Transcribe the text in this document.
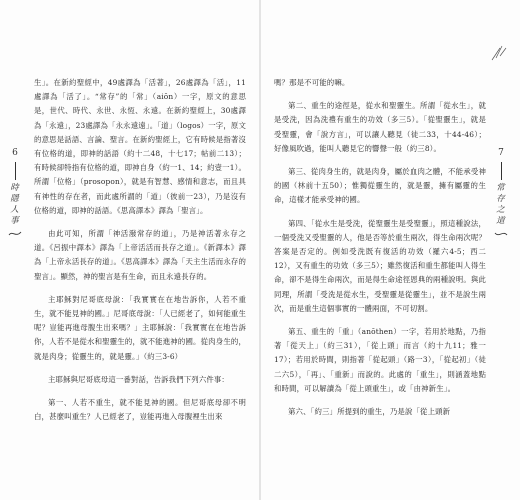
6
時隱人事

生」。在新約聖經中，49處譯為「活著」，26處譯為「活」，11處譯為「活了」。“常存”的「常」（aiōn）一字，原文的意思是，世代、時代、永世、永恆、永遠。在新約聖經上，30處譯為「永遠」，23處譯為「永永遠遠」。「道」（logos）一字，原文的意思是話語、言論、聖言。在新約聖經上，它有時候是指著沒有位格的道，即神的話語（約十二48，十七17；帖前二13）；有時候卻特指有位格的道，即神自身（約一1、14；約壹一1）。所謂「位格」（prosopon），就是有智慧、感情和意志，而且具有神性的存在者，而此處所謂的「道」（彼前一23），乃是沒有位格的道，即神的話語。《思高譯本》譯為「聖言」。

由此可知，所謂「神活潑常存的道」，乃是神活著永存之道。《呂振中譯本》譯為「上帝活活而長存之道」。《新譯本》譯為「上帝永活長存的道」。《思高譯本》譯為「天主生活而永存的聖言」。顯然，神的聖言是有生命，而且永遠長存的。

主耶穌對尼哥底母說：「我實實在在地告訴你，人若不重生，就不能見神的國。」尼哥底母說：「人已經老了，如何能重生呢？豈能再進母腹生出來嗎？」主耶穌說：「我實實在在地告訴你，人若不是從水和聖靈生的，就不能進神的國。從肉身生的，就是肉身；從靈生的，就是靈。」（約三3-6）

主耶穌與尼哥底母這一番對話，告訴我們下列六件事：

第一、人若不重生，就不能見神的國。但尼哥底母卻不明白，甚麼叫重生？人已經老了，豈能再進入母腹裡生出來

7
常存之道

嗎？那是不可能的嘛。

第二、重生的途徑是，從水和聖靈生。所謂「從水生」，就是受洗，因為洗禮有重生的功效（多三5）。「從聖靈生」，就是受聖靈，會「說方言」，可以讓人聽見（徒二33，十44-46）；好像風吹過，能叫人聽見它的響聲一般（約三8）。

第三、從肉身生的，就是肉身，屬於血肉之體，不能承受神的國（林前十五50）；惟獨從靈生的，就是靈，擁有屬靈的生命，這樣才能承受神的國。

第四、「從水生是受洗，從聖靈生是受聖靈」，照這種說法，一個受洗又受聖靈的人，他是否等於重生兩次，得生命兩次呢？答案是否定的。例如受洗既有復活的功效（羅六4-5；西二12），又有重生的功效（多三5）；雖然復活和重生都能叫人得生命，卻不是得生命兩次，而是得生命途徑恩典的兩種說明。與此同理，所謂「受洗是從水生，受聖靈是從靈生」，並不是說生兩次，而是重生這個事實的一體兩面，不可切割。

第五、重生的「重」（anōthen）一字，若用於地點，乃指著「從天上」（約三31），「從上頭」而言（約十九11；雅一17）；若用於時間，則指著「從起頭」（路一3），「從起初」（徒二六5），「再」、「重新」而說的。此處的「重生」，則涵蓋地點和時間，可以解讀為「從上頭重生」，或「由神新生」。

第六、「約三」所提到的重生，乃是說「從上頭新
